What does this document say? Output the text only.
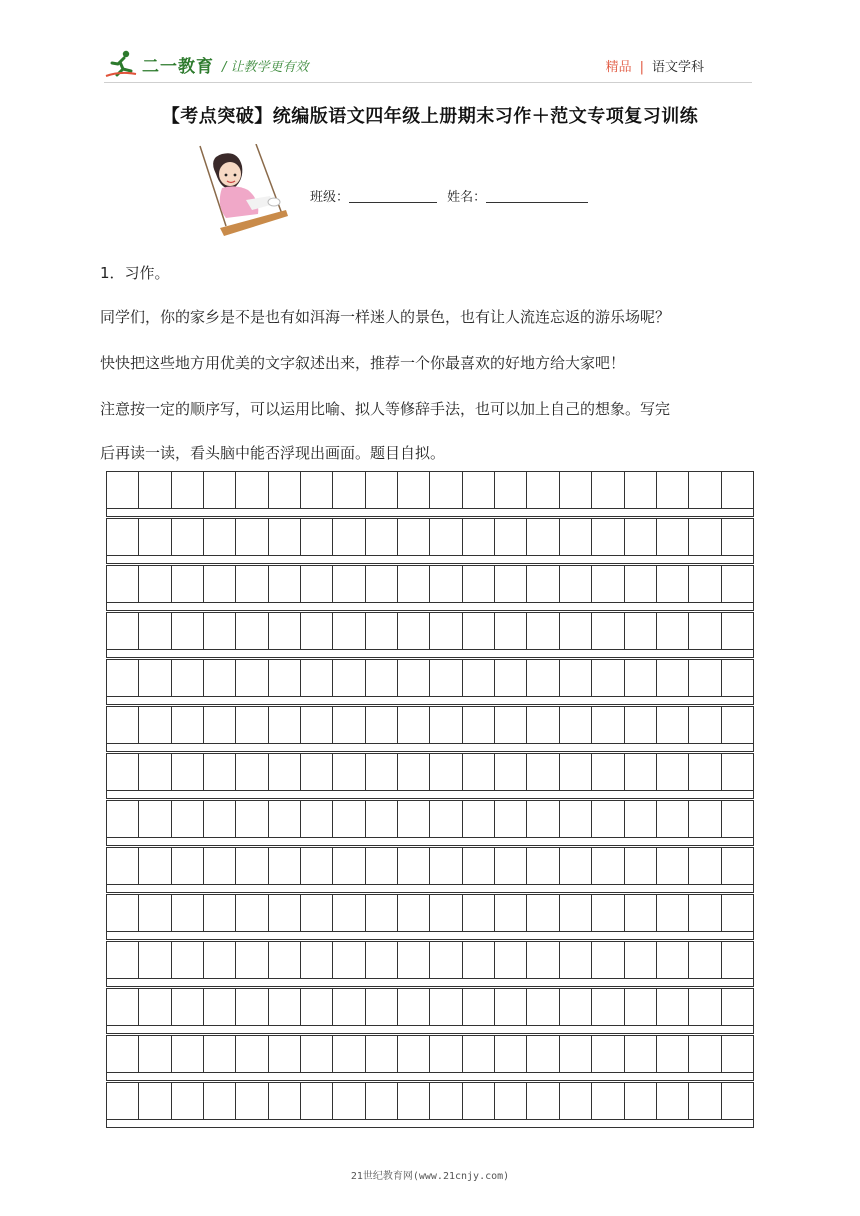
二一教育 / 让教学更有效	精品 | 语文学科
【考点突破】统编版语文四年级上册期末习作＋范文专项复习训练
班级：	姓名：
1．习作。
同学们，你的家乡是不是也有如洱海一样迷人的景色，也有让人流连忘返的游乐场呢？
快快把这些地方用优美的文字叙述出来，推荐一个你最喜欢的好地方给大家吧！
注意按一定的顺序写，可以运用比喻、拟人等修辞手法，也可以加上自己的想象。写完
后再读一读，看头脑中能否浮现出画面。题目自拟。
21世纪教育网(www.21cnjy.com)
